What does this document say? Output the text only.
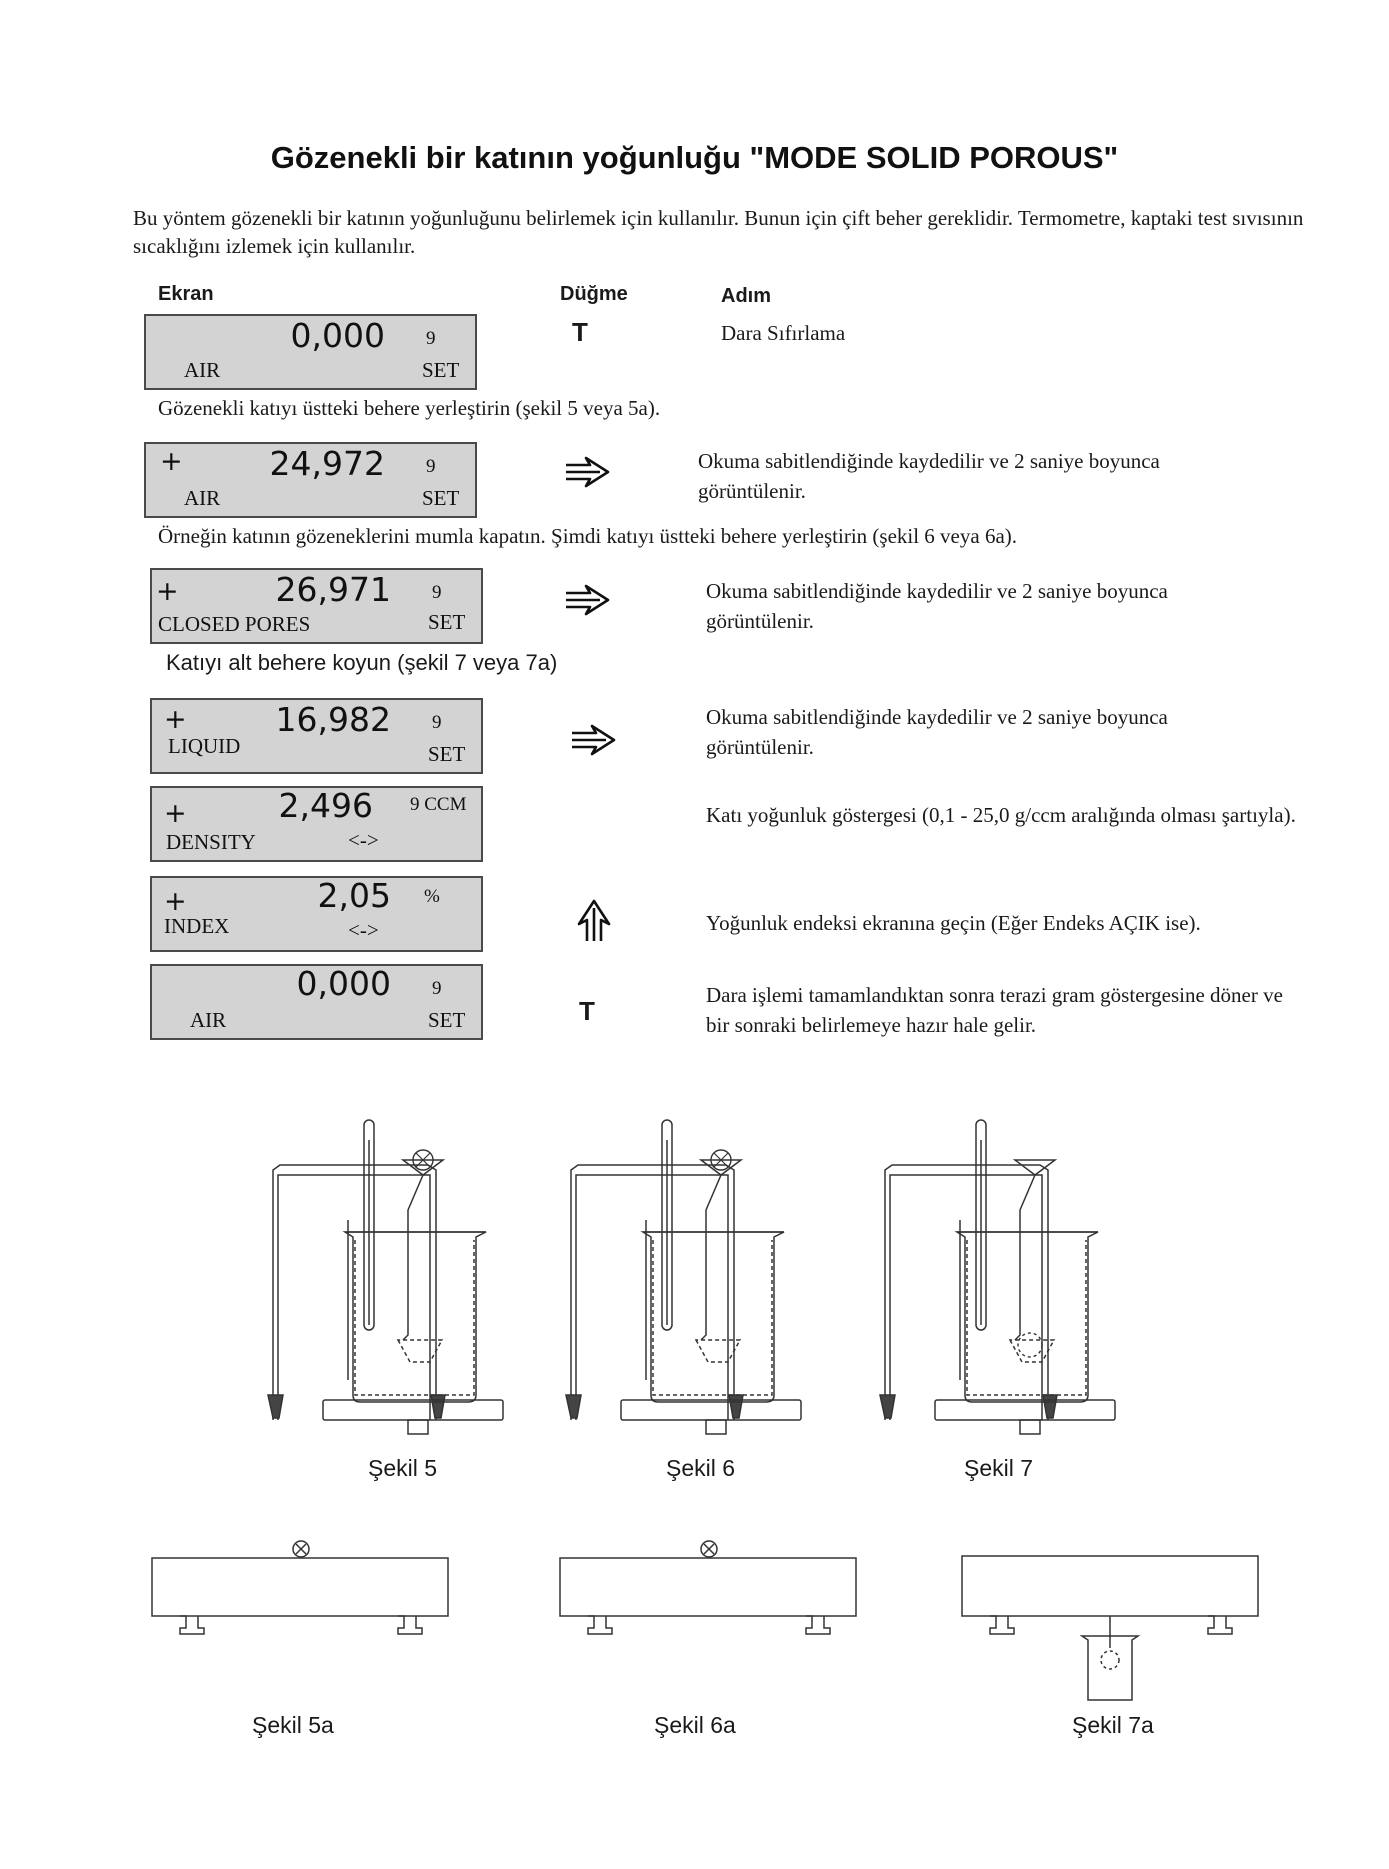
Gözenekli bir katının yoğunluğu "MODE SOLID POROUS"
Bu yöntem gözenekli bir katının yoğunluğunu belirlemek için kullanılır. Bunun için çift beher gereklidir. Termometre, kaptaki test sıvısının sıcaklığını izlemek için kullanılır.
Ekran	Düğme	Adım
0,000 9
AIR	SET
T	Dara Sıfırlama
Gözenekli katıyı üstteki behere yerleştirin (şekil 5 veya 5a).
+	24,972 9
AIR	SET
Okuma sabitlendiğinde kaydedilir ve 2 saniye boyunca görüntülenir.
Örneğin katının gözeneklerini mumla kapatın. Şimdi katıyı üstteki behere yerleştirin (şekil 6 veya 6a).
+	26,971 9
CLOSED PORES	SET
Okuma sabitlendiğinde kaydedilir ve 2 saniye boyunca görüntülenir.
Katıyı alt behere koyun (şekil 7 veya 7a)
+	16,982 9
LIQUID	SET
Okuma sabitlendiğinde kaydedilir ve 2 saniye boyunca görüntülenir.
+	2,496 9 CCM
DENSITY	<->
Katı yoğunluk göstergesi (0,1 - 25,0 g/ccm aralığında olması şartıyla).
+	2,05 %
INDEX	<->	Yoğunluk endeksi ekranına geçin (Eğer Endeks AÇIK ise).
0,000 9
AIR	SET	T
Dara işlemi tamamlandıktan sonra terazi gram göstergesine döner ve bir sonraki belirlemeye hazır hale gelir.
Şekil 5	Şekil 6	Şekil 7
Şekil 5a	Şekil 6a	Şekil 7a
